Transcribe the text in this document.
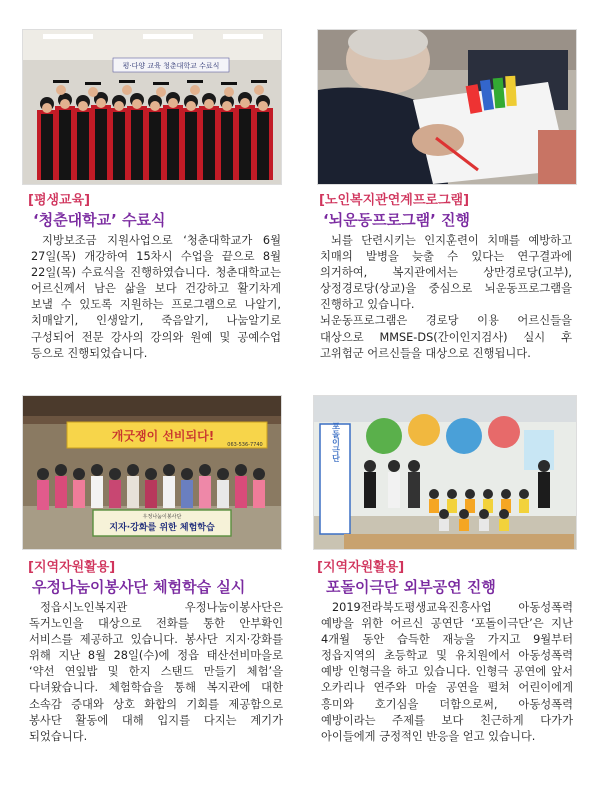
평·다양 교육 청춘대학교 수료식
[평생교육]
‘청춘대학교’ 수료식

지방보조금 지원사업으로 ‘청춘대학교가 6월 27일(목) 개강하여 15차시 수업을 끝으로 8월 22일(목) 수료식을 진행하였습니다. 청춘대학교는 어르신께서 남은 삶을 보다 건강하고 활기차게 보낼 수 있도록 지원하는 프로그램으로 나알기, 치매알기, 인생알기, 죽음알기, 나눔알기로 구성되어 전문 강사의 강의와 원예 및 공예수업 등으로 진행되었습니다.

[노인복지관연계프로그램]
‘뇌운동프로그램’ 진행

뇌를 단련시키는 인지훈련이 치매를 예방하고 치매의 발병을 늦출 수 있다는 연구결과에 의거하여, 복지관에서는 상만경로당(고부), 상정경로당(상교)을 중심으로 뇌운동프로그램을 진행하고 있습니다.

뇌운동프로그램은 경로당 이용 어르신들을 대상으로 MMSE-DS(간이인지검사) 실시 후 고위험군 어르신들을 대상으로 진행됩니다.

개굿쟁이 선비되다!
063-536-7740
우정나눔이봉사단
지자·강화를 위한 체험학습
포돌이극단
[지역자원활용]
우정나눔이봉사단 체험학습 실시

정읍시노인복지관 우정나눔이봉사단은 독거노인을 대상으로 전화를 통한 안부확인 서비스를 제공하고 있습니다. 봉사단 지지·강화를 위해 지난 8월 28일(수)에 정읍 태산선비마을로 ‘약선 연잎밥 및 한지 스탠드 만들기 체험’을 다녀왔습니다. 체험학습을 통해 복지관에 대한 소속감 증대와 상호 화합의 기회를 제공함으로 봉사단 활동에 대해 입지를 다지는 계기가 되었습니다.

[지역자원활용]
포돌이극단 외부공연 진행

2019전라북도평생교육진흥사업 아동성폭력 예방을 위한 어르신 공연단 ‘포돌이극단’은 지난 4개월 동안 습득한 재능을 가지고 9월부터 정읍지역의 초등학교 및 유치원에서 아동성폭력 예방 인형극을 하고 있습니다. 인형극 공연에 앞서 오카리나 연주와 마술 공연을 펼쳐 어린이에게 흥미와 호기심을 더함으로써, 아동성폭력 예방이라는 주제를 보다 친근하게 다가가 아이들에게 긍정적인 반응을 얻고 있습니다.
